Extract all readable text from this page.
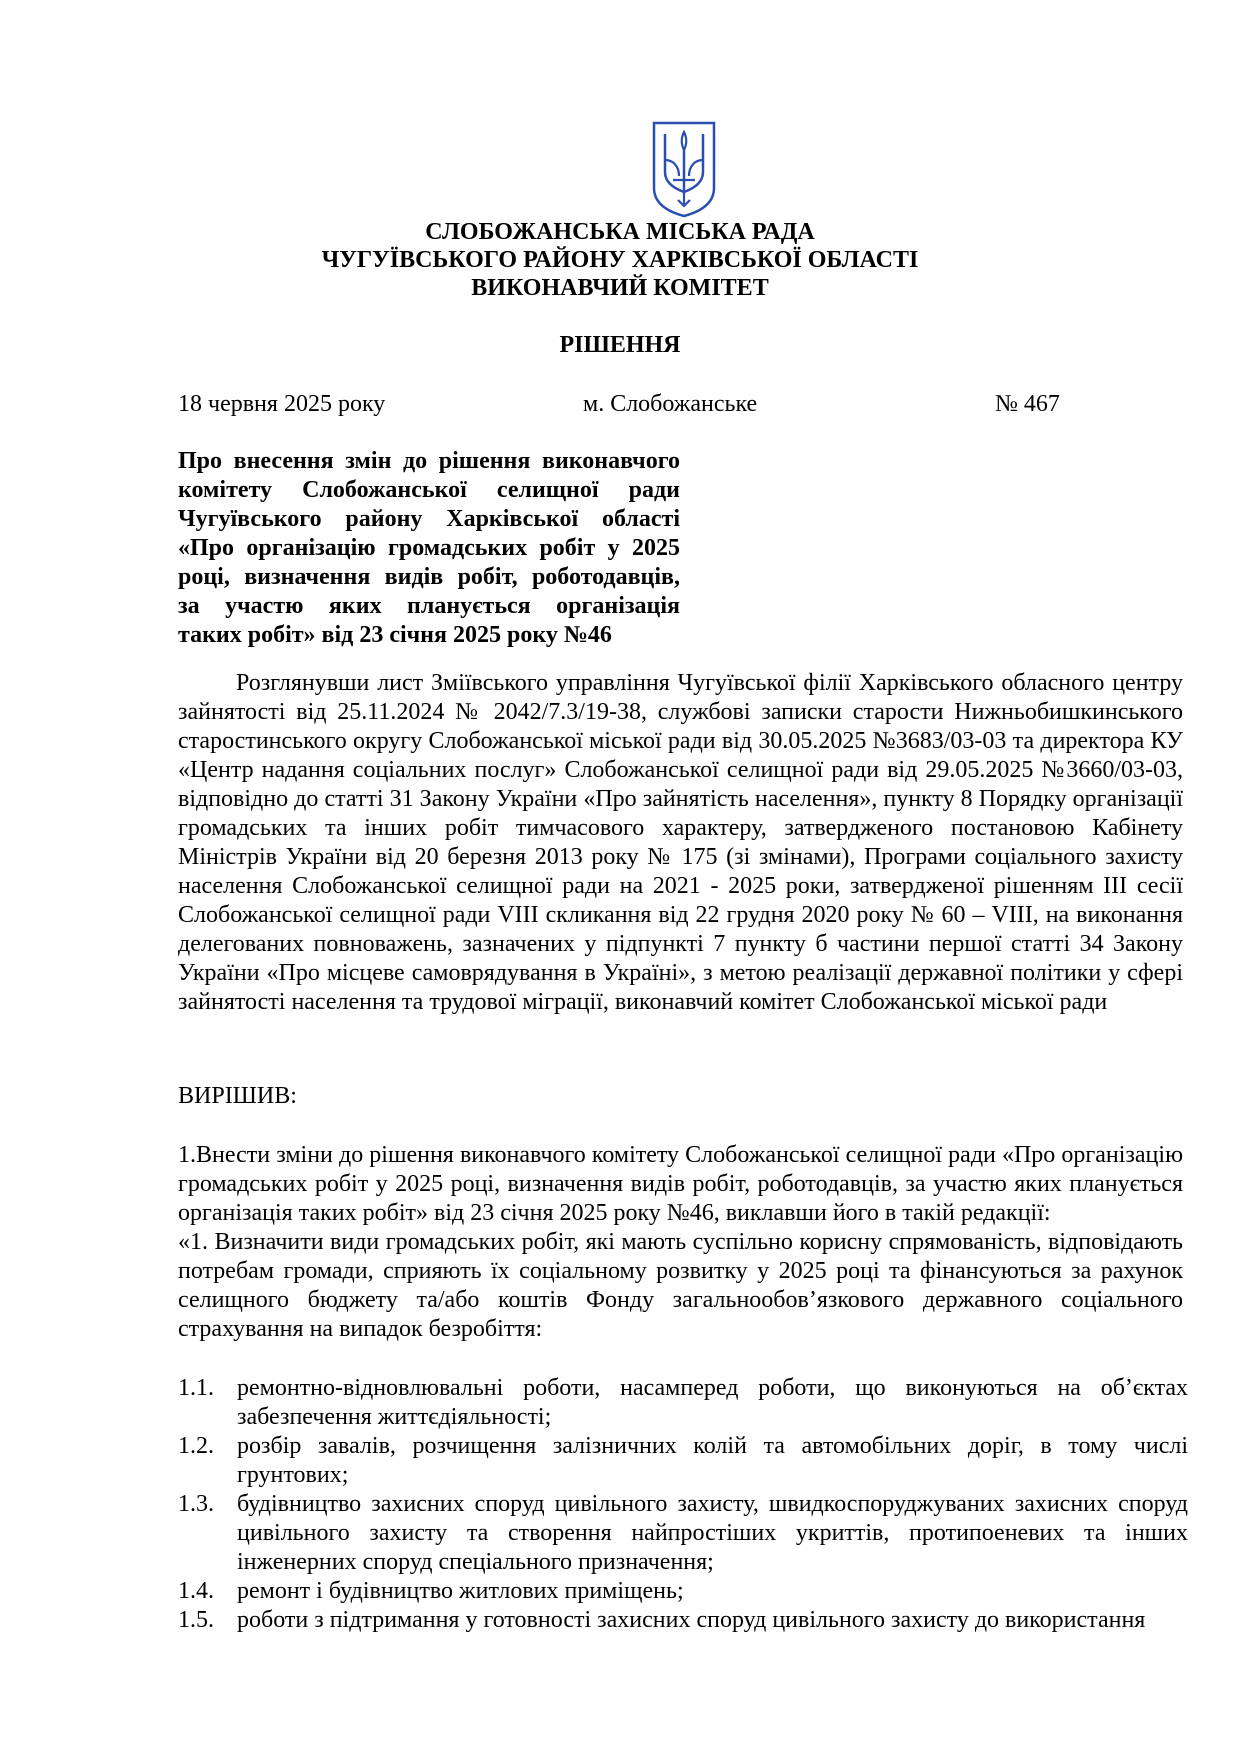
СЛОБОЖАНСЬКА МІСЬКА РАДА
ЧУГУЇВСЬКОГО РАЙОНУ ХАРКІВСЬКОЇ ОБЛАСТІ
ВИКОНАВЧИЙ КОМІТЕТ
РІШЕННЯ
18 червня 2025 року	м. Слобожанське	№ 467
Про внесення змін до рішення виконавчого
комітету Слобожанської селищної ради
Чугуївського району Харківської області
«Про організацію громадських робіт у 2025
році, визначення видів робіт, роботодавців,
за участю яких планується організація
таких робіт» від 23 січня 2025 року №46
Розглянувши лист Зміївського управління Чугуївської філії Харківського обласного центру зайнятості від 25.11.2024 № 2042/7.3/19-38, службові записки старости Нижньобишкинського старостинського округу Слобожанської міської ради від 30.05.2025 №3683/03-03 та директора КУ «Центр надання соціальних послуг» Слобожанської селищної ради від 29.05.2025 №3660/03-03, відповідно до статті 31 Закону України «Про зайнятість населення», пункту 8 Порядку організації громадських та інших робіт тимчасового характеру, затвердженого постановою Кабінету Міністрів України від 20 березня 2013 року № 175 (зі змінами), Програми соціального захисту населення Слобожанської селищної ради на 2021 - 2025 роки, затвердженої рішенням ІІІ сесії Слобожанської селищної ради VIII скликання від 22 грудня 2020 року № 60 – VIII, на виконання делегованих повноважень, зазначених у підпункті 7 пункту б частини першої статті 34 Закону України «Про місцеве самоврядування в Україні», з метою реалізації державної політики у сфері зайнятості населення та трудової міграції, виконавчий комітет Слобожанської міської ради
ВИРІШИВ:
1.Внести зміни до рішення виконавчого комітету Слобожанської селищної ради «Про організацію громадських робіт у 2025 році, визначення видів робіт, роботодавців, за участю яких планується організація таких робіт» від 23 січня 2025 року №46, виклавши його в такій редакції:
«1. Визначити види громадських робіт, які мають суспільно корисну спрямованість, відповідають потребам громади, сприяють їх соціальному розвитку у 2025 році та фінансуються за рахунок селищного бюджету та/або коштів Фонду загальнообов’язкового державного соціального страхування на випадок безробіття:
1.1. ремонтно-відновлювальні роботи, насамперед роботи, що виконуються на об’єктах забезпечення життєдіяльності;
1.2. розбір завалів, розчищення залізничних колій та автомобільних доріг, в тому числі грунтових;
1.3. будівництво захисних споруд цивільного захисту, швидкоспоруджуваних захисних споруд цивільного захисту та створення найпростіших укриттів, протипоеневих та інших інженерних споруд спеціального призначення;
1.4. ремонт і будівництво житлових приміщень;
1.5. роботи з підтримання у готовності захисних споруд цивільного захисту до використання
